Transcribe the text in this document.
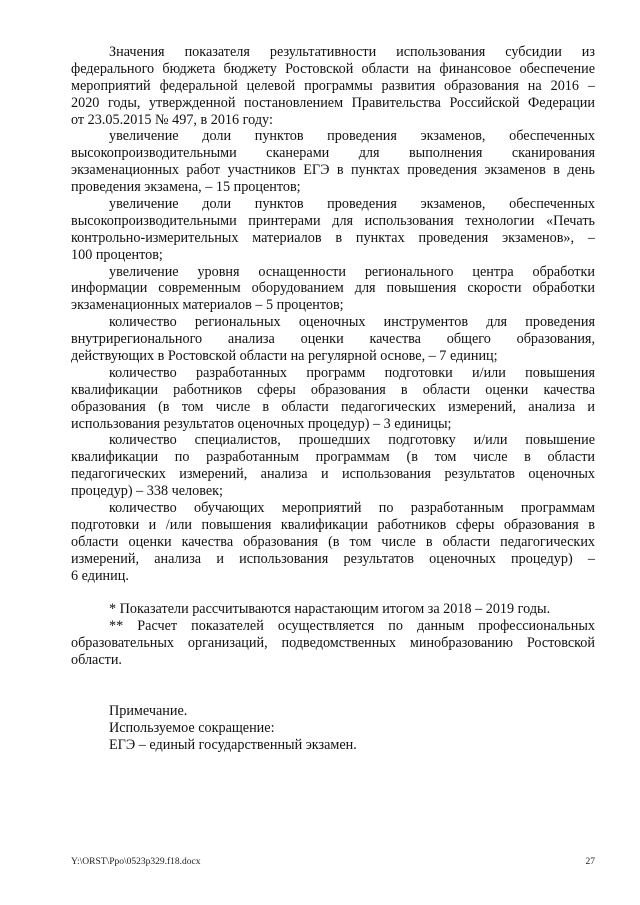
Значения показателя результативности использования субсидии из
федерального бюджета бюджету Ростовской области на финансовое обеспечение
мероприятий федеральной целевой программы развития образования на 2016 –
2020 годы, утвержденной постановлением Правительства Российской Федерации
от 23.05.2015 № 497, в 2016 году:
увеличение доли пунктов проведения экзаменов, обеспеченных
высокопроизводительными сканерами для выполнения сканирования
экзаменационных работ участников ЕГЭ в пунктах проведения экзаменов в день
проведения экзамена, – 15 процентов;
увеличение доли пунктов проведения экзаменов, обеспеченных
высокопроизводительными принтерами для использования технологии «Печать
контрольно-измерительных материалов в пунктах проведения экзаменов», –
100 процентов;
увеличение уровня оснащенности регионального центра обработки
информации современным оборудованием для повышения скорости обработки
экзаменационных материалов – 5 процентов;
количество региональных оценочных инструментов для проведения
внутрирегионального анализа оценки качества общего образования,
действующих в Ростовской области на регулярной основе, – 7 единиц;
количество разработанных программ подготовки и/или повышения
квалификации работников сферы образования в области оценки качества
образования (в том числе в области педагогических измерений, анализа и
использования результатов оценочных процедур) – 3 единицы;
количество специалистов, прошедших подготовку и/или повышение
квалификации по разработанным программам (в том числе в области
педагогических измерений, анализа и использования результатов оценочных
процедур) – 338 человек;
количество обучающих мероприятий по разработанным программам
подготовки и /или повышения квалификации работников сферы образования в
области оценки качества образования (в том числе в области педагогических
измерений, анализа и использования результатов оценочных процедур) –
6 единиц.
* Показатели рассчитываются нарастающим итогом за 2018 – 2019 годы.
** Расчет показателей осуществляется по данным профессиональных
образовательных организаций, подведомственных минобразованию Ростовской
области.
Примечание.
Используемое сокращение:
ЕГЭ – единый государственный экзамен.
Y:\ORST\Ppo\0523p329.f18.docx	27
